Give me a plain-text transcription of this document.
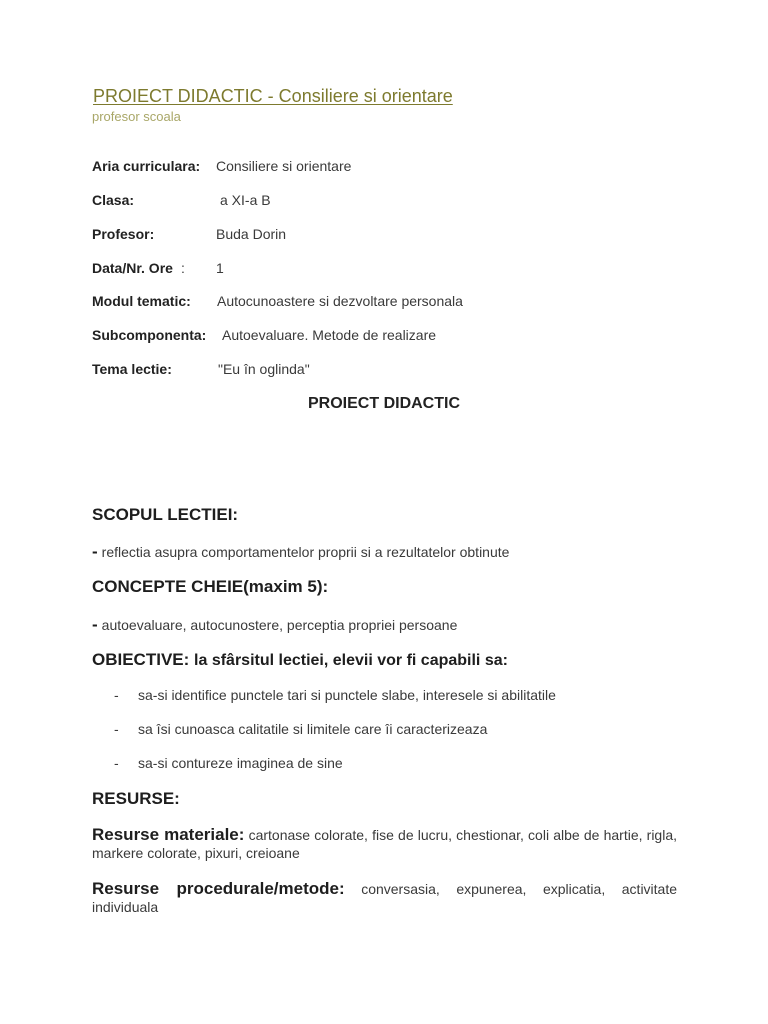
PROIECT DIDACTIC - Consiliere si orientare
profesor scoala
Aria curriculara: Consiliere si orientare
Clasa:	a XI-a B
Profesor:	Buda Dorin
Data/Nr. Ore : 1
Modul tematic: Autocunoastere si dezvoltare personala
Subcomponenta: Autoevaluare. Metode de realizare
Tema lectie:	"Eu în oglinda"
PROIECT DIDACTIC
SCOPUL LECTIEI:
- reflectia asupra comportamentelor proprii si a rezultatelor obtinute
CONCEPTE CHEIE(maxim 5):
- autoevaluare, autocunostere, perceptia propriei persoane
OBIECTIVE: la sfârsitul lectiei, elevii vor fi capabili sa:
- sa-si identifice punctele tari si punctele slabe, interesele si abilitatile
- sa îsi cunoasca calitatile si limitele care îi caracterizeaza
- sa-si contureze imaginea de sine
RESURSE:
Resurse materiale: cartonase colorate, fise de lucru, chestionar, coli albe de hartie, rigla, markere colorate, pixuri, creioane
Resurse procedurale/metode: conversasia, expunerea, explicatia, activitate individuala
